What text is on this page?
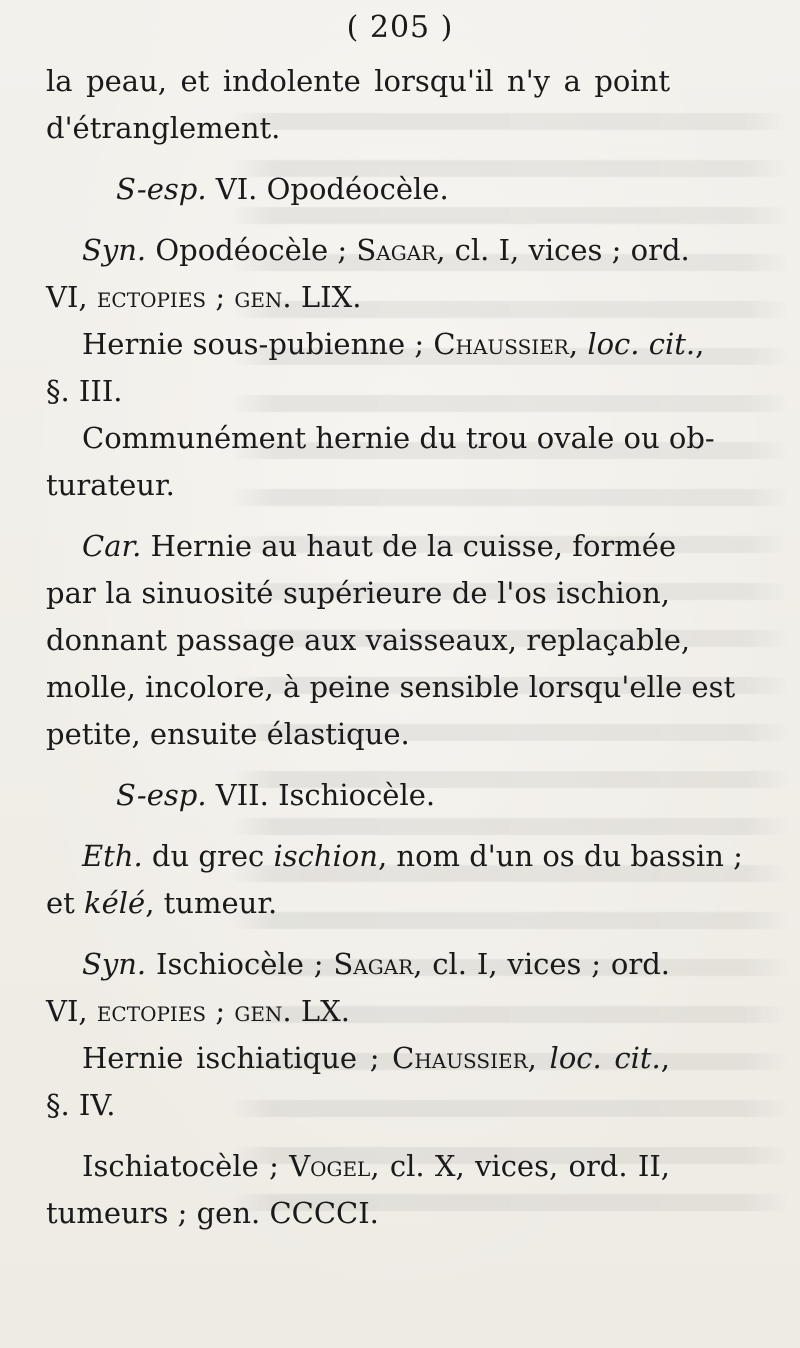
( 205 )
la peau, et indolente lorsqu'il n'y a point
d'étranglement.
S-esp. VI. Opodéocèle.
Syn. Opodéocèle ; Sagar, cl. I, vices ; ord.
VI, ectopies ; gen. LIX.
Hernie sous-pubienne ; Chaussier, loc. cit.,
§. III.
Communément hernie du trou ovale ou ob-
turateur.
Car. Hernie au haut de la cuisse, formée
par la sinuosité supérieure de l'os ischion,
donnant passage aux vaisseaux, replaçable,
molle, incolore, à peine sensible lorsqu'elle est
petite, ensuite élastique.
S-esp. VII. Ischiocèle.
Eth. du grec ischion, nom d'un os du bassin ;
et kélé, tumeur.
Syn. Ischiocèle ; Sagar, cl. I, vices ; ord.
VI, ectopies ; gen. LX.
Hernie ischiatique ; Chaussier, loc. cit.,
§. IV.
Ischiatocèle ; Vogel, cl. X, vices, ord. II,
tumeurs ; gen. CCCCI.
